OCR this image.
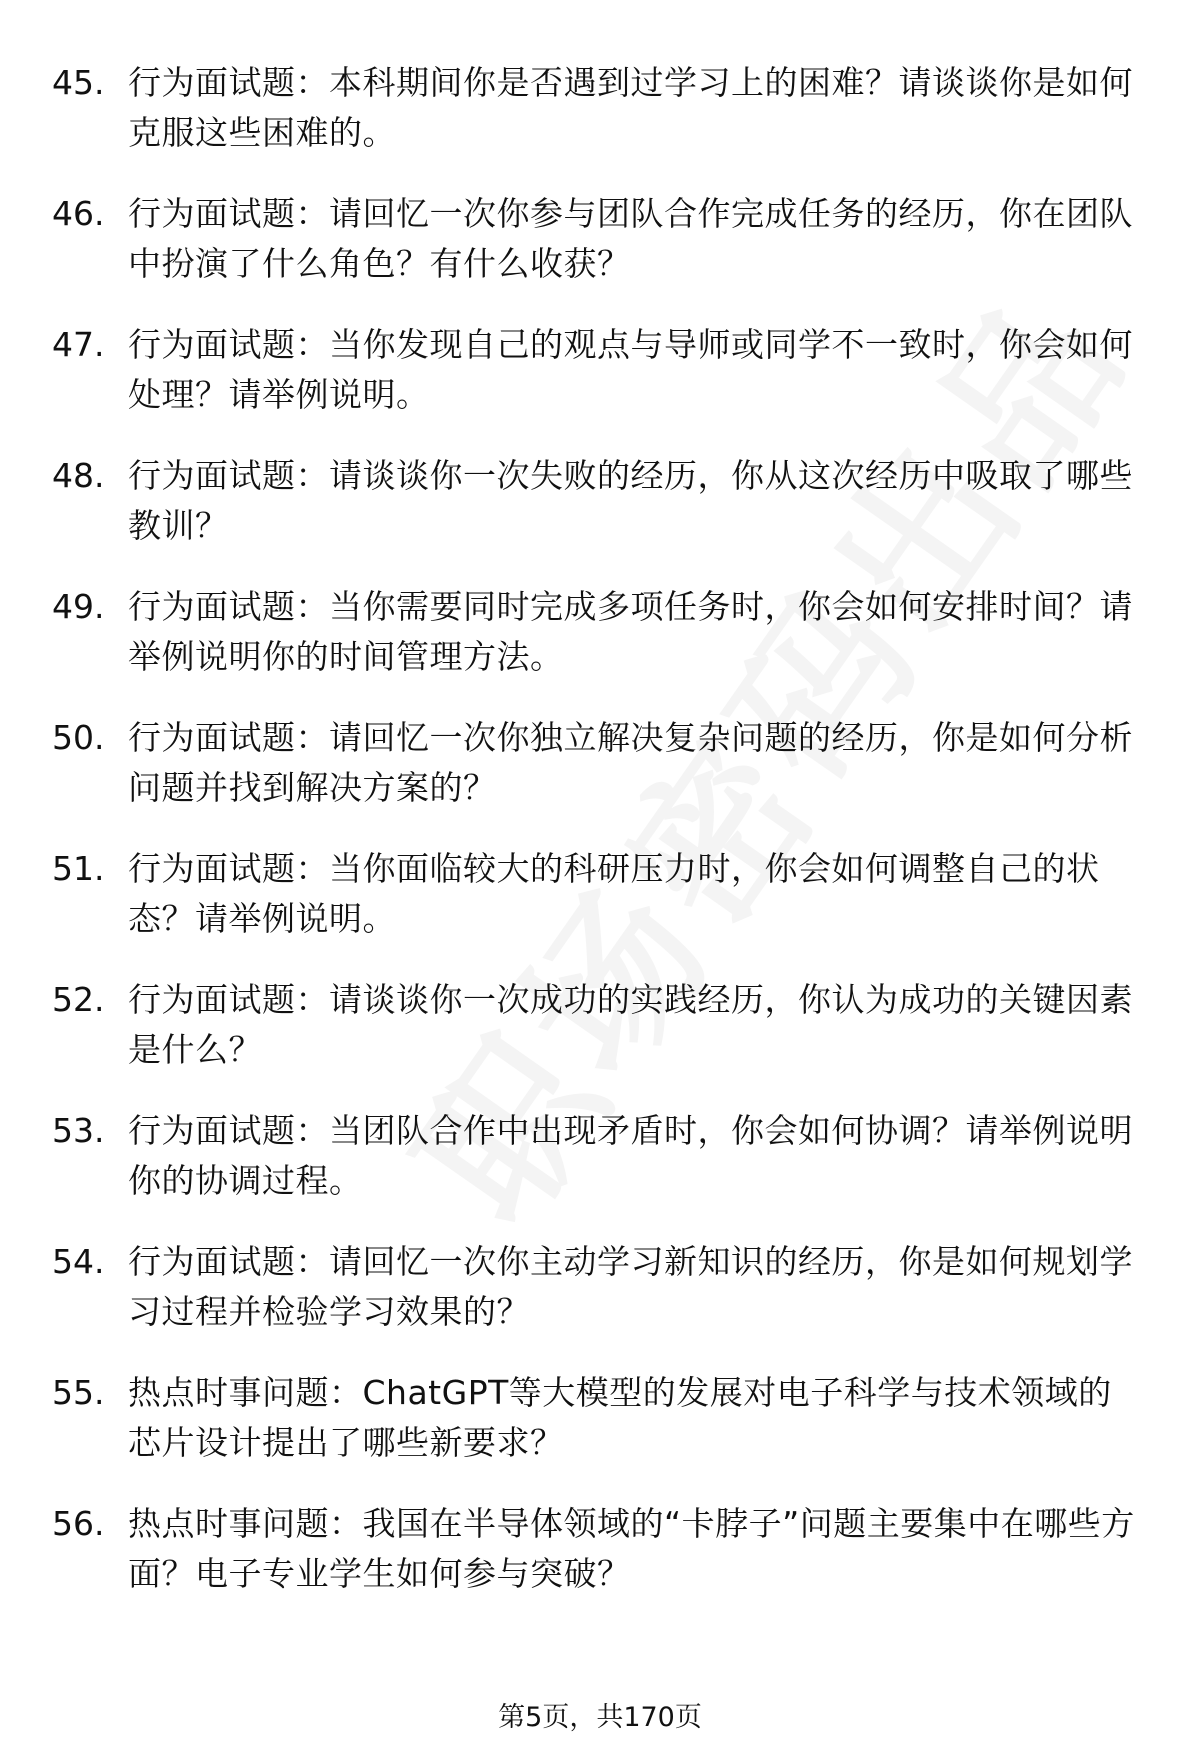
45. 行为面试题：本科期间你是否遇到过学习上的困难？请谈谈你是如何克服这些困难的。
46. 行为面试题：请回忆一次你参与团队合作完成任务的经历，你在团队中扮演了什么角色？有什么收获？
47. 行为面试题：当你发现自己的观点与导师或同学不一致时，你会如何处理？请举例说明。
48. 行为面试题：请谈谈你一次失败的经历，你从这次经历中吸取了哪些教训？
49. 行为面试题：当你需要同时完成多项任务时，你会如何安排时间？请举例说明你的时间管理方法。
50. 行为面试题：请回忆一次你独立解决复杂问题的经历，你是如何分析问题并找到解决方案的？
51. 行为面试题：当你面临较大的科研压力时，你会如何调整自己的状态？请举例说明。
52. 行为面试题：请谈谈你一次成功的实践经历，你认为成功的关键因素是什么？
53. 行为面试题：当团队合作中出现矛盾时，你会如何协调？请举例说明你的协调过程。
54. 行为面试题：请回忆一次你主动学习新知识的经历，你是如何规划学习过程并检验学习效果的？
55. 热点时事问题：ChatGPT等大模型的发展对电子科学与技术领域的芯片设计提出了哪些新要求？
56. 热点时事问题：我国在半导体领域的“卡脖子”问题主要集中在哪些方面？电子专业学生如何参与突破？
第5页，共170页
